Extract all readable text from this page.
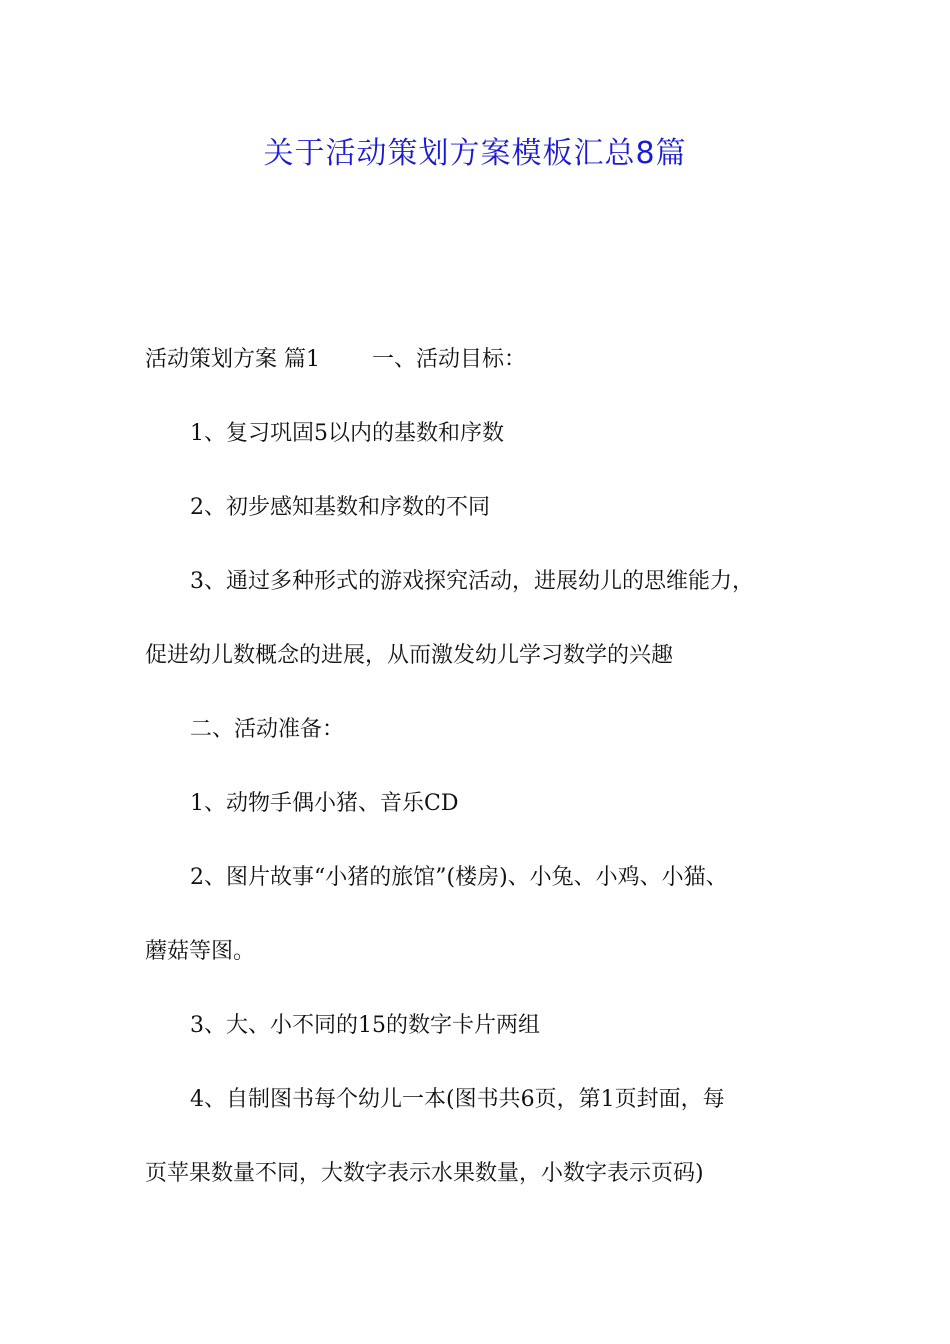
关于活动策划方案模板汇总8篇
活动策划方案 篇1 一、活动目标：
1、复习巩固5以内的基数和序数
2、初步感知基数和序数的不同
3、通过多种形式的游戏探究活动，进展幼儿的思维能力，
促进幼儿数概念的进展，从而激发幼儿学习数学的兴趣
二、活动准备：
1、动物手偶小猪、音乐CD
2、图片故事“小猪的旅馆”(楼房)、小兔、小鸡、小猫、
蘑菇等图。
3、大、小不同的15的数字卡片两组
4、自制图书每个幼儿一本(图书共6页，第1页封面，每
页苹果数量不同，大数字表示水果数量，小数字表示页码)
